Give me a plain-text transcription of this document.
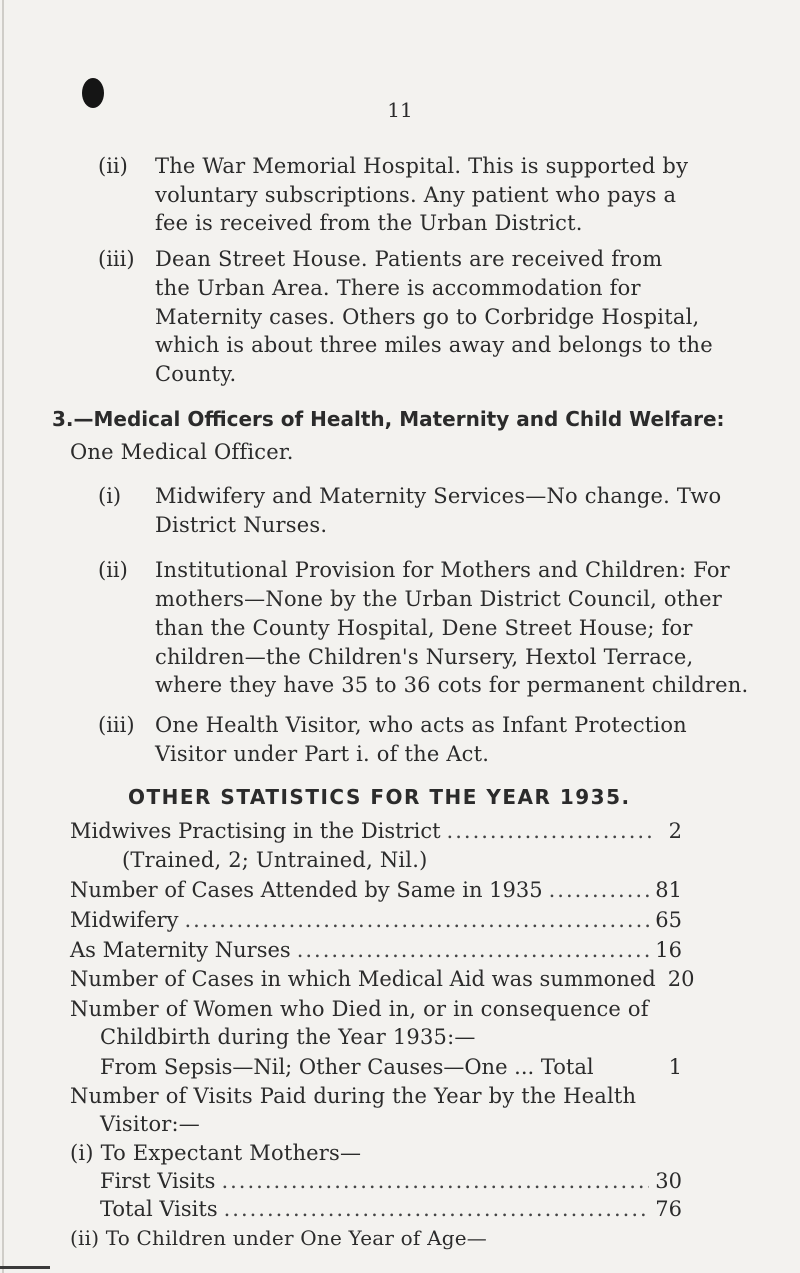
11
(ii) The War Memorial Hospital. This is supported by
voluntary subscriptions. Any patient who pays a
fee is received from the Urban District.
(iii) Dean Street House. Patients are received from
the Urban Area. There is accommodation for
Maternity cases. Others go to Corbridge Hospital,
which is about three miles away and belongs to the
County.
3.—Medical Officers of Health, Maternity and Child Welfare:
One Medical Officer.
(i) Midwifery and Maternity Services—No change. Two
District Nurses.
(ii) Institutional Provision for Mothers and Children: For
mothers—None by the Urban District Council, other
than the County Hospital, Dene Street House; for
children—the Children's Nursery, Hextol Terrace,
where they have 35 to 36 cots for permanent children.
(iii) One Health Visitor, who acts as Infant Protection
Visitor under Part i. of the Act.
OTHER STATISTICS FOR THE YEAR 1935.
Midwives Practising in the District .....	2
(Trained, 2; Untrained, Nil.)
Number of Cases Attended by Same in 1935 .....	81
Midwifery .....	65
As Maternity Nurses .....	16
Number of Cases in which Medical Aid was summoned 20
Number of Women who Died in, or in consequence of
Childbirth during the Year 1935:—
From Sepsis—Nil; Other Causes—One ... Total	1
Number of Visits Paid during the Year by the Health
Visitor:—
(i) To Expectant Mothers—
First Visits .....	30
Total Visits .....	76
(ii) To Children under One Year of Age—
